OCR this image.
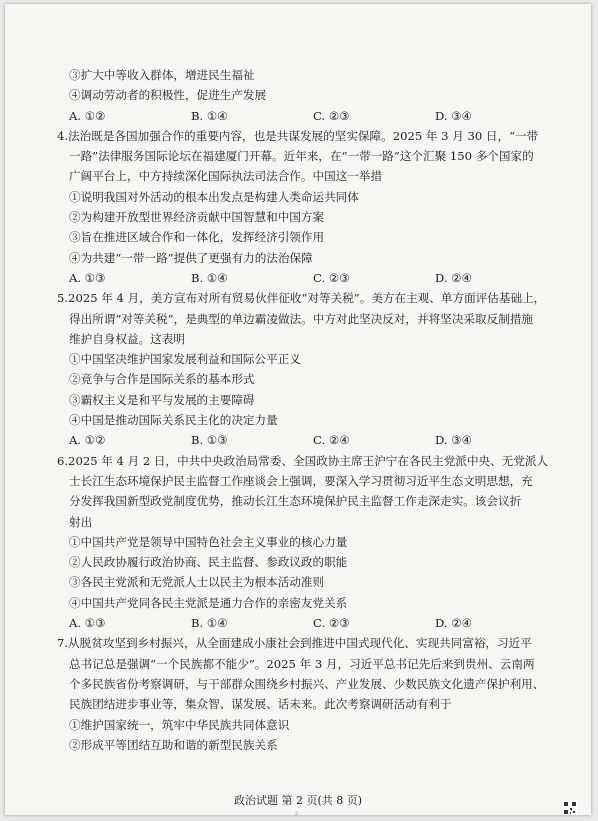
③扩大中等收入群体，增进民生福祉

④调动劳动者的积极性，促进生产发展

A. ①②	B. ①④	C. ②③	D. ③④

4.法治既是各国加强合作的重要内容，也是共谋发展的坚实保障。2025 年 3 月 30 日，“一带

一路”法律服务国际论坛在福建厦门开幕。近年来，在“一带一路”这个汇聚 150 多个国家的

广阔平台上，中方持续深化国际执法司法合作。中国这一举措

①说明我国对外活动的根本出发点是构建人类命运共同体

②为构建开放型世界经济贡献中国智慧和中国方案

③旨在推进区域合作和一体化，发挥经济引领作用

④为共建“一带一路”提供了更强有力的法治保障

A. ①③	B. ①④	C. ②③	D. ②④

5.2025 年 4 月，美方宣布对所有贸易伙伴征收“对等关税”。美方在主观、单方面评估基础上，

得出所谓“对等关税”，是典型的单边霸凌做法。中方对此坚决反对，并将坚决采取反制措施

维护自身权益。这表明

①中国坚决维护国家发展利益和国际公平正义

②竞争与合作是国际关系的基本形式

③霸权主义是和平与发展的主要障碍

④中国是推动国际关系民主化的决定力量

A. ①②	B. ①③	C. ②④	D. ③④

6.2025 年 4 月 2 日，中共中央政治局常委、全国政协主席王沪宁在各民主党派中央、无党派人

士长江生态环境保护民主监督工作座谈会上强调，要深入学习贯彻习近平生态文明思想，充

分发挥我国新型政党制度优势，推动长江生态环境保护民主监督工作走深走实。该会议折

射出

①中国共产党是领导中国特色社会主义事业的核心力量

②人民政协履行政治协商、民主监督、参政议政的职能

③各民主党派和无党派人士以民主为根本活动准则

④中国共产党同各民主党派是通力合作的亲密友党关系

A. ①③	B. ①④	C. ②③	D. ②④

7.从脱贫攻坚到乡村振兴，从全面建成小康社会到推进中国式现代化、实现共同富裕，习近平

总书记总是强调“一个民族都不能少”。2025 年 3 月，习近平总书记先后来到贵州、云南两

个多民族省份考察调研，与干部群众围绕乡村振兴、产业发展、少数民族文化遗产保护利用、

民族团结进步事业等，集众智、谋发展、话未来。此次考察调研活动有利于

①维护国家统一，筑牢中华民族共同体意识

②形成平等团结互助和谐的新型民族关系

政治试题 第 2 页(共 8 页)
2
